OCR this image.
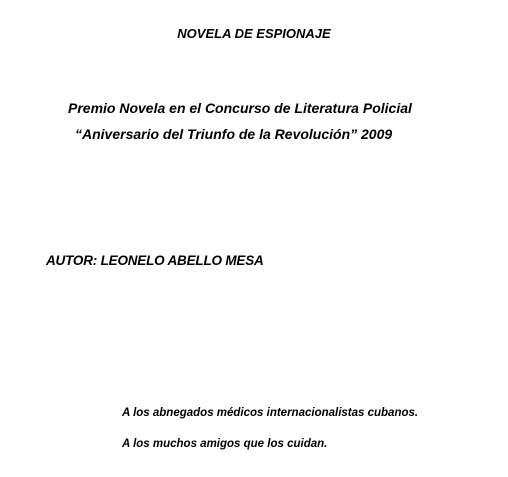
NOVELA DE ESPIONAJE
Premio Novela en el Concurso de Literatura Policial
“Aniversario del Triunfo de la Revolución” 2009
AUTOR: LEONELO ABELLO MESA
A los abnegados médicos internacionalistas cubanos.
A los muchos amigos que los cuidan.
